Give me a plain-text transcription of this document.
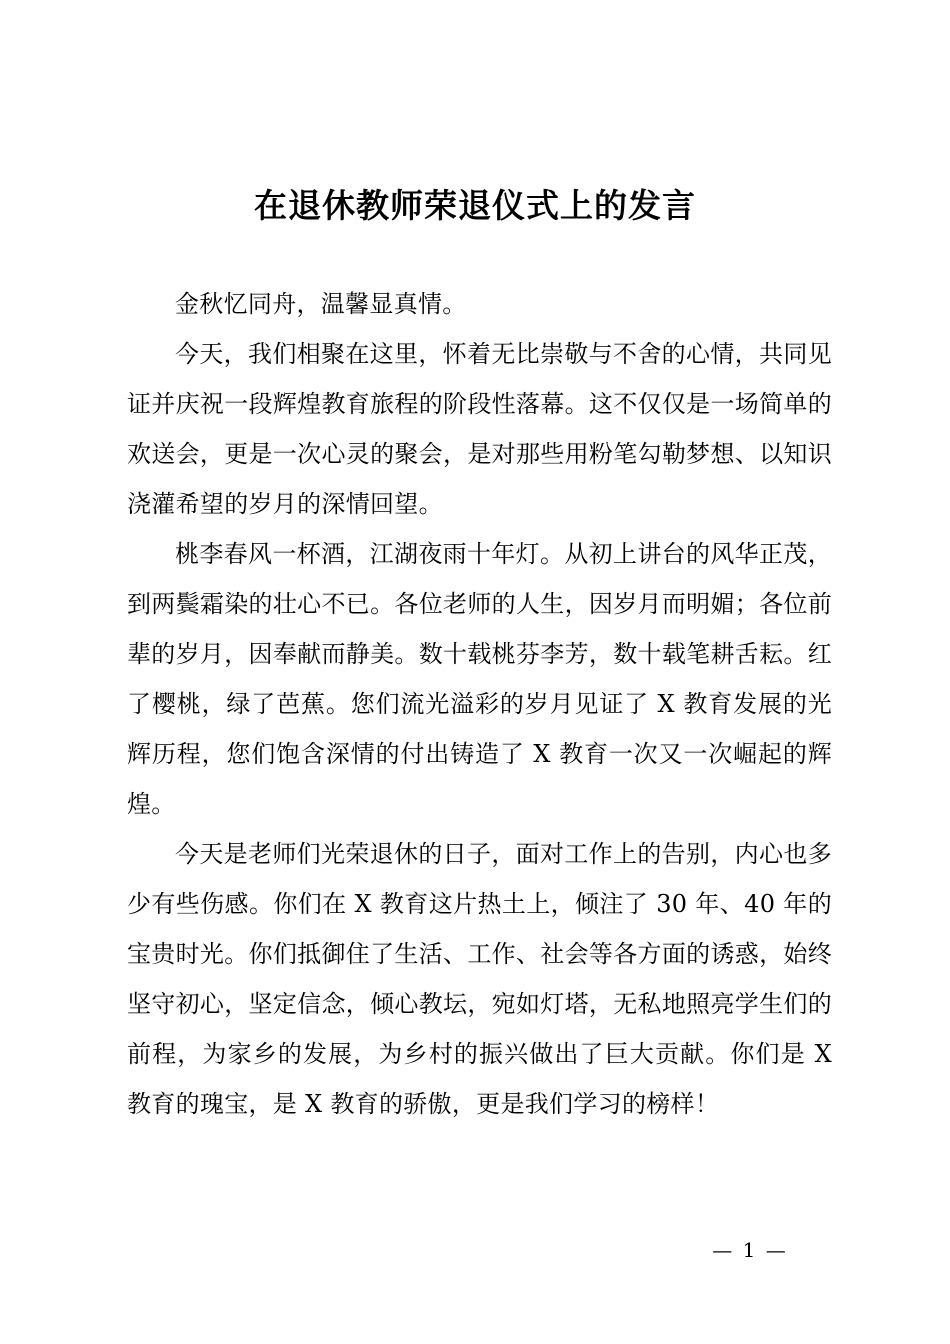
在退休教师荣退仪式上的发言

金秋忆同舟，温馨显真情。

今天，我们相聚在这里，怀着无比崇敬与不舍的心情，共同见证并庆祝一段辉煌教育旅程的阶段性落幕。这不仅仅是一场简单的欢送会，更是一次心灵的聚会，是对那些用粉笔勾勒梦想、以知识浇灌希望的岁月的深情回望。

桃李春风一杯酒，江湖夜雨十年灯。从初上讲台的风华正茂，到两鬓霜染的壮心不已。各位老师的人生，因岁月而明媚；各位前辈的岁月，因奉献而静美。数十载桃芬李芳，数十载笔耕舌耘。红了樱桃，绿了芭蕉。您们流光溢彩的岁月见证了 X 教育发展的光辉历程，您们饱含深情的付出铸造了 X 教育一次又一次崛起的辉煌。

今天是老师们光荣退休的日子，面对工作上的告别，内心也多少有些伤感。你们在 X 教育这片热土上，倾注了 30 年、40 年的宝贵时光。你们抵御住了生活、工作、社会等各方面的诱惑，始终坚守初心，坚定信念，倾心教坛，宛如灯塔，无私地照亮学生们的前程，为家乡的发展，为乡村的振兴做出了巨大贡献。你们是 X 教育的瑰宝，是 X 教育的骄傲，更是我们学习的榜样！

— 1 —
